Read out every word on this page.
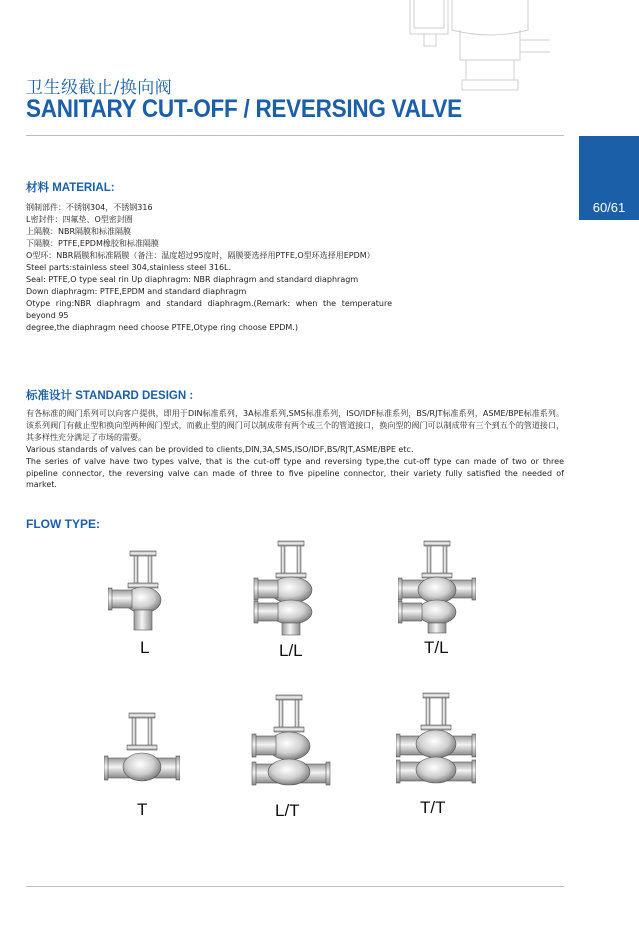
卫生级截止/换向阀
SANITARY CUT-OFF / REVERSING VALVE
60/61
材料 MATERIAL:
钢制部件：不锈钢304，不锈钢316
L密封件：四氟垫、O型密封圈
上隔膜：NBR隔膜和标准隔膜
下隔膜：PTFE,EPDM橡胶和标准隔膜
O型环：NBR隔膜和标准隔膜（备注：温度超过95度时，隔膜要选择用PTFE,O型环选择用EPDM）
Steel parts:stainless steel 304,stainless steel 316L.
Seal: PTFE,O type seal rin Up diaphragm: NBR diaphragm and standard diaphragm
Down diaphragm: PTFE,EPDM and standard diaphragm
Otype ring:NBR diaphragm and standard diaphragm.(Remark: when the temperature beyond 95
degree,the diaphragm need choose PTFE,Otype ring choose EPDM.)
标准设计 STANDARD DESIGN :

有各标准的阀门系列可以向客户提供，即用于DIN标准系列，3A标准系列,SMS标准系列，ISO/IDF标准系列，BS/RJT标准系列，ASME/BPE标准系列。该系列阀门有截止型和换向型两种阀门型式，而截止型的阀门可以制成带有两个或三个的管道接口，换向型的阀门可以制成带有三个到五个的管道接口，其多样性充分满足了市场的需要。

Various standards of valves can be provided to clients,DIN,3A,SMS,ISO/IDF,BS/RJT,ASME/BPE etc.

The series of valve have two types valve, that is the cut-off type and reversing type,the cut-off type can made of two or three pipeline connector, the reversing valve can made of three to five pipeline connector, their variety fully satisfied the needed of market.

FLOW TYPE:
L	L/L	T/L
T	L/T	T/T
